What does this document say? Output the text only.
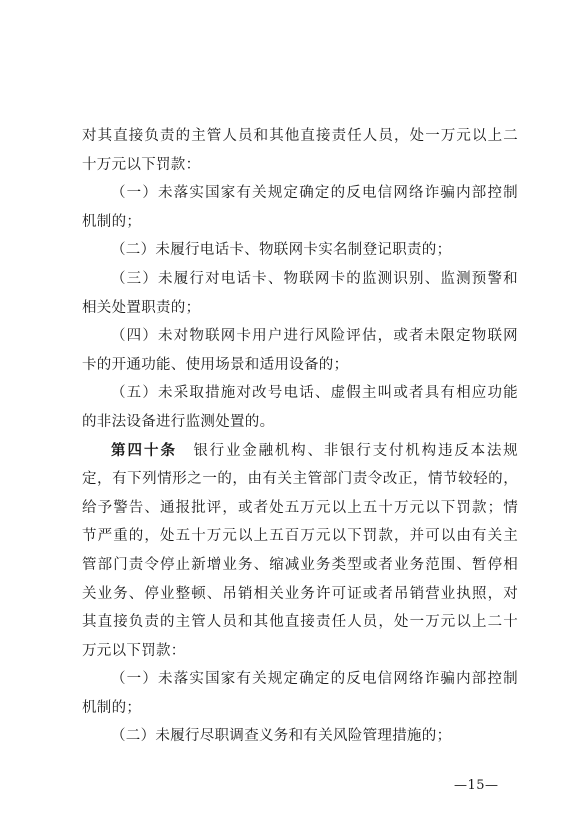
对其直接负责的主管人员和其他直接责任人员，处一万元以上二
十万元以下罚款：
（一）未落实国家有关规定确定的反电信网络诈骗内部控制
机制的；
（二）未履行电话卡、物联网卡实名制登记职责的；
（三）未履行对电话卡、物联网卡的监测识别、监测预警和
相关处置职责的；
（四）未对物联网卡用户进行风险评估，或者未限定物联网
卡的开通功能、使用场景和适用设备的；
（五）未采取措施对改号电话、虚假主叫或者具有相应功能
的非法设备进行监测处置的。
第四十条　银行业金融机构、非银行支付机构违反本法规
定，有下列情形之一的，由有关主管部门责令改正，情节较轻的，
给予警告、通报批评，或者处五万元以上五十万元以下罚款；情
节严重的，处五十万元以上五百万元以下罚款，并可以由有关主
管部门责令停止新增业务、缩减业务类型或者业务范围、暂停相
关业务、停业整顿、吊销相关业务许可证或者吊销营业执照，对
其直接负责的主管人员和其他直接责任人员，处一万元以上二十
万元以下罚款：
（一）未落实国家有关规定确定的反电信网络诈骗内部控制
机制的；
（二）未履行尽职调查义务和有关风险管理措施的；
—15—
